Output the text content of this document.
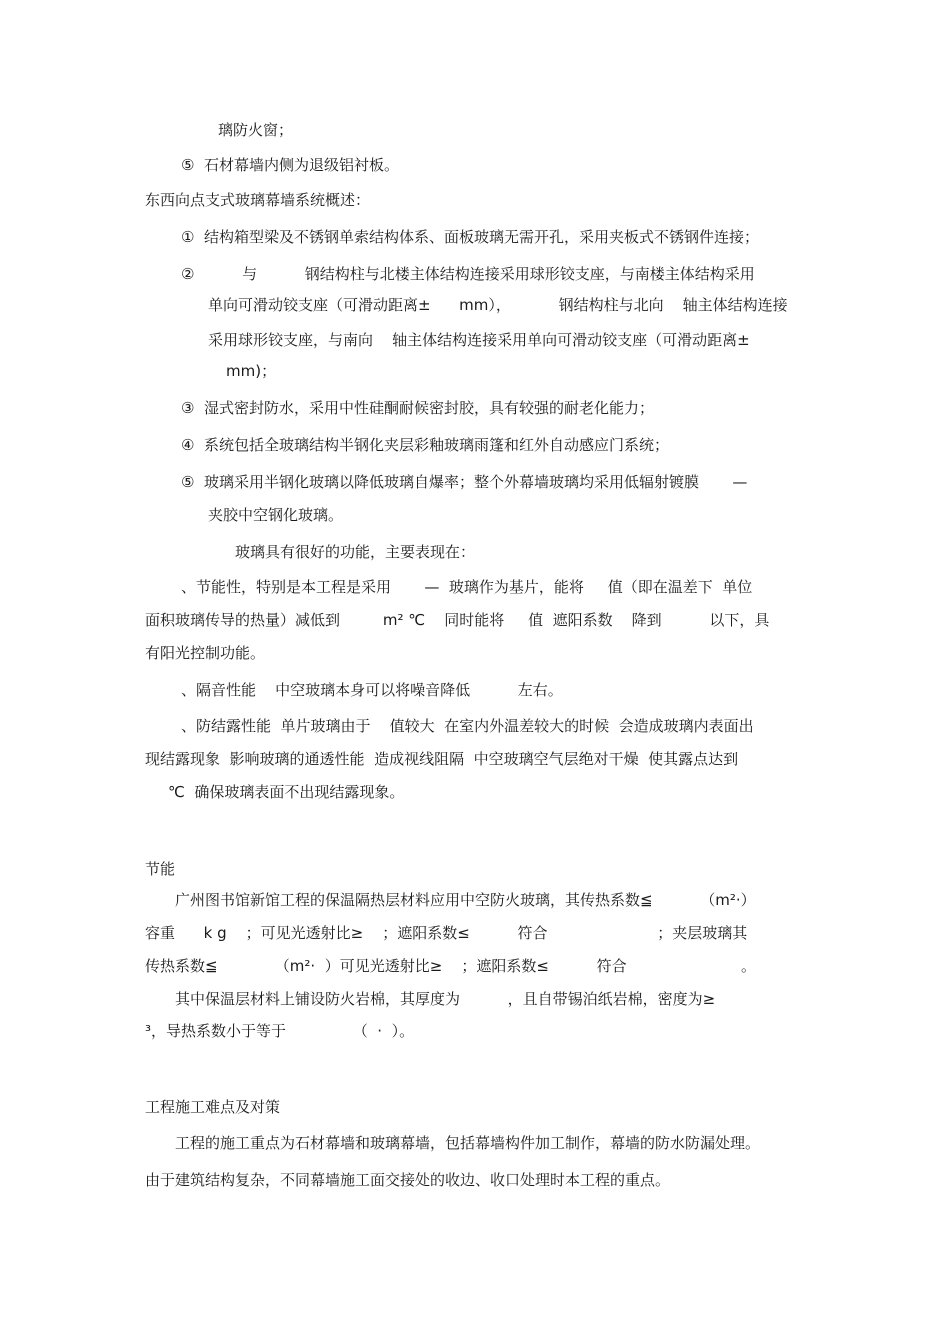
璃防火窗；
⑤  石材幕墙内侧为退级铝衬板。
东西向点支式玻璃幕墙系统概述：
①  结构箱型梁及不锈钢单索结构体系、面板玻璃无需开孔，采用夹板式不锈钢件连接；
②          与          钢结构柱与北楼主体结构连接采用球形铰支座，与南楼主体结构采用
单向可滑动铰支座（可滑动距离±      mm），          钢结构柱与北向    轴主体结构连接
采用球形铰支座，与南向    轴主体结构连接采用单向可滑动铰支座（可滑动距离±
mm)；
③  湿式密封防水，采用中性硅酮耐候密封胶，具有较强的耐老化能力；
④  系统包括全玻璃结构半钢化夹层彩釉玻璃雨篷和红外自动感应门系统；
⑤  玻璃采用半钢化玻璃以降低玻璃自爆率；整个外幕墙玻璃均采用低辐射镀膜       —
夹胶中空钢化玻璃。
玻璃具有很好的功能，主要表现在：
、节能性，特别是本工程是采用       —  玻璃作为基片，能将     值（即在温差下  单位
面积玻璃传导的热量）减低到         m² ℃    同时能将     值  遮阳系数    降到          以下，具
有阳光控制功能。
、隔音性能    中空玻璃本身可以将噪音降低          左右。
、防结露性能  单片玻璃由于    值较大  在室内外温差较大的时候  会造成玻璃内表面出
现结露现象  影响玻璃的通透性能  造成视线阻隔  中空玻璃空气层绝对干燥  使其露点达到
℃  确保玻璃表面不出现结露现象。
节能
广州图书馆新馆工程的保温隔热层材料应用中空防火玻璃，其传热系数≦          （m²·）
容重      k g    ；可见光透射比≥    ；遮阳系数≤          符合                       ；夹层玻璃其
传热系数≦            （m²·  ）可见光透射比≥    ；遮阳系数≤          符合                        。
其中保温层材料上铺设防火岩棉，其厚度为          ，且自带锡泊纸岩棉，密度为≥
³，导热系数小于等于              （  ·  ）。
工程施工难点及对策
工程的施工重点为石材幕墙和玻璃幕墙，包括幕墙构件加工制作，幕墙的防水防漏处理。
由于建筑结构复杂，不同幕墙施工面交接处的收边、收口处理时本工程的重点。
